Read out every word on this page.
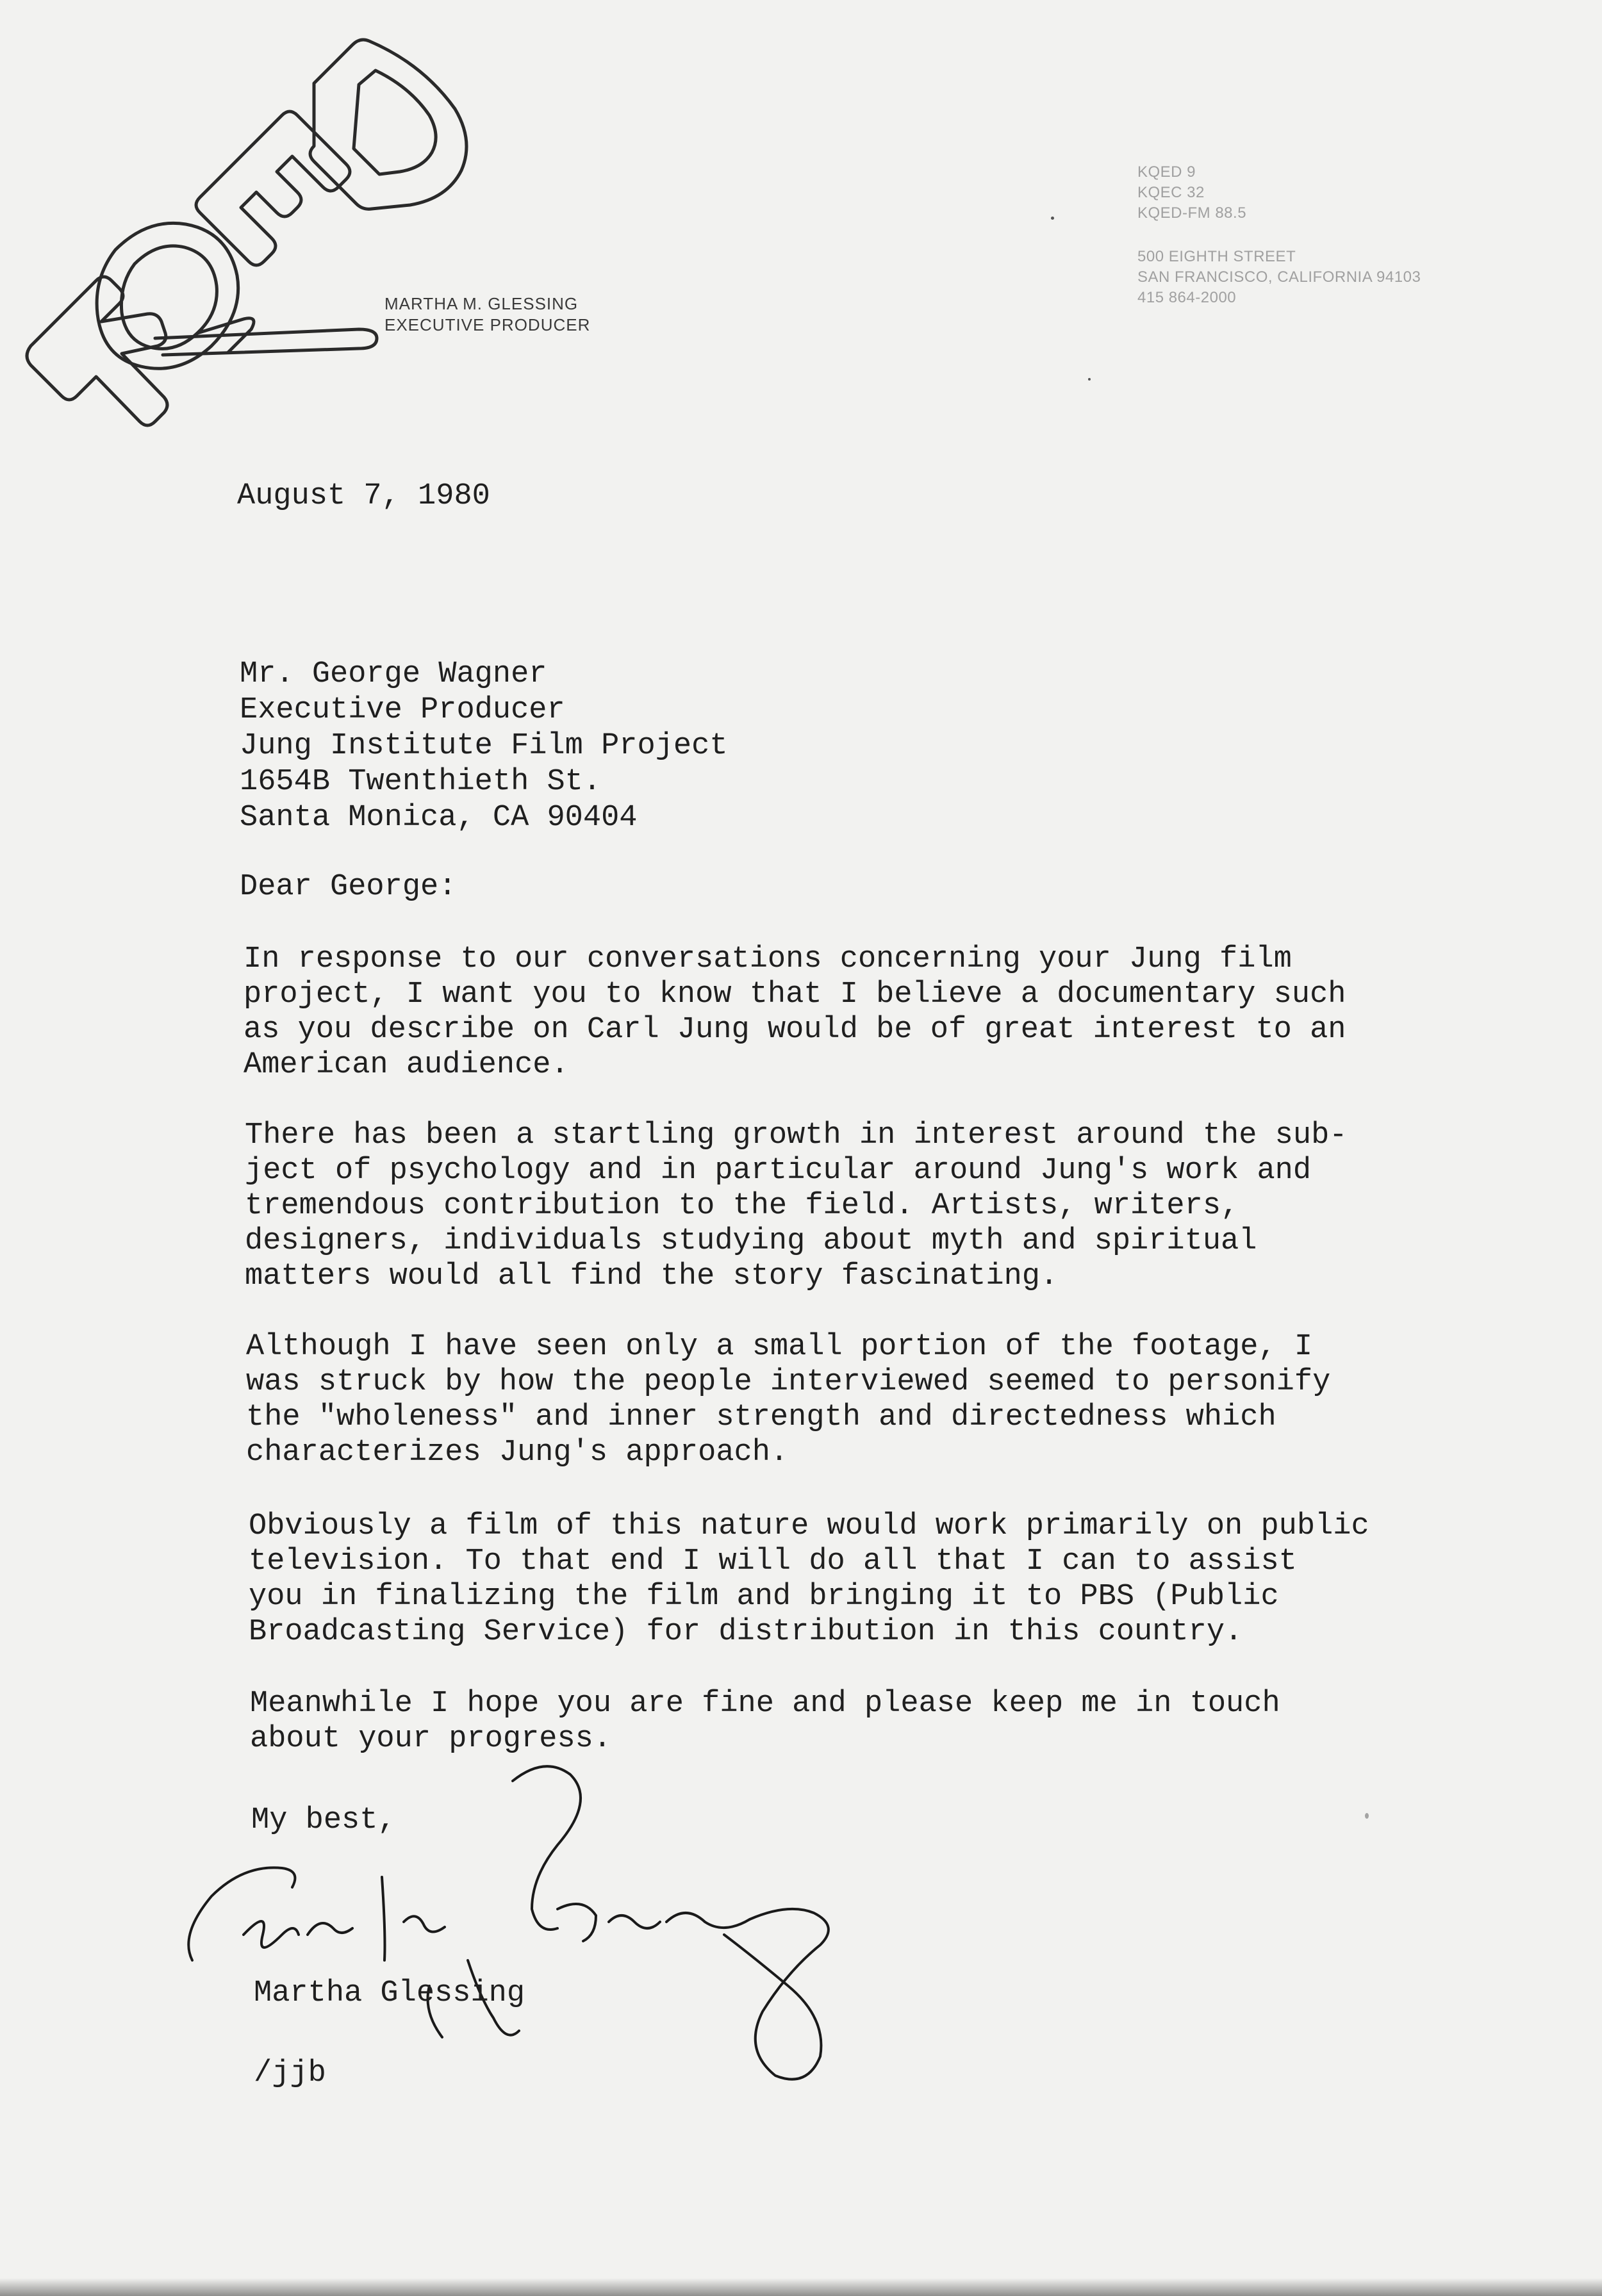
MARTHA M. GLESSING
EXECUTIVE PRODUCER
KQED 9
KQEC 32
KQED-FM 88.5
500 EIGHTH STREET
SAN FRANCISCO, CALIFORNIA 94103
415 864-2000
August 7, 1980
Mr. George Wagner
Executive Producer
Jung Institute Film Project
1654B Twenthieth St.
Santa Monica, CA 90404
Dear George:
In response to our conversations concerning your Jung film
project, I want you to know that I believe a documentary such
as you describe on Carl Jung would be of great interest to an
American audience.
There has been a startling growth in interest around the sub-
ject of psychology and in particular around Jung's work and
tremendous contribution to the field. Artists, writers,
designers, individuals studying about myth and spiritual
matters would all find the story fascinating.
Although I have seen only a small portion of the footage, I
was struck by how the people interviewed seemed to personify
the "wholeness" and inner strength and directedness which
characterizes Jung's approach.
Obviously a film of this nature would work primarily on public
television. To that end I will do all that I can to assist
you in finalizing the film and bringing it to PBS (Public
Broadcasting Service) for distribution in this country.
Meanwhile I hope you are fine and please keep me in touch
about your progress.
My best,
Martha Glessing
/jjb
